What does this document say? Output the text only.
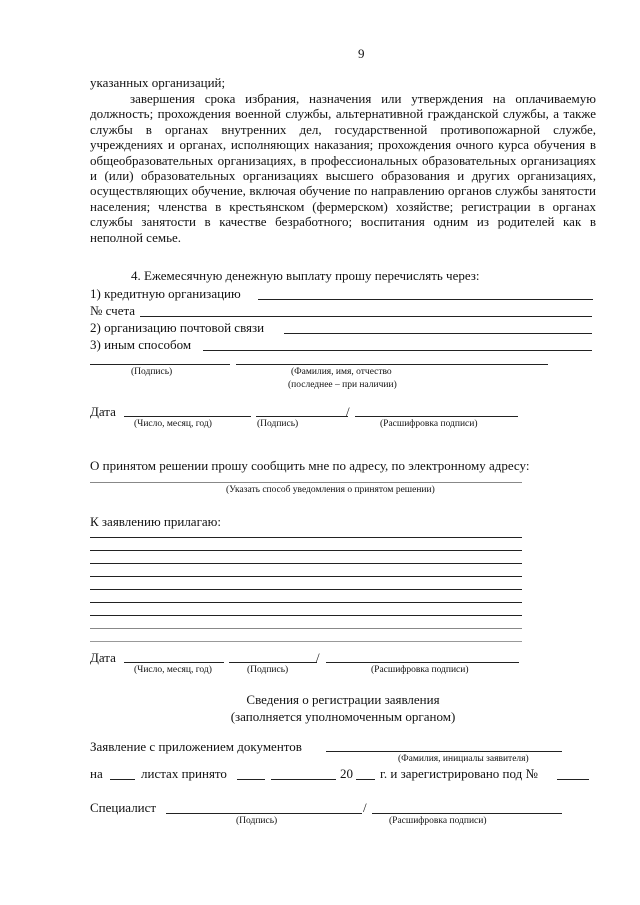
9
указанных организаций;
завершения срока избрания, назначения или утверждения на оплачиваемую должность; прохождения военной службы, альтернативной гражданской службы, а также службы в органах внутренних дел, государственной противопожарной службе, учреждениях и органах, исполняющих наказания; прохождения очного курса обучения в общеобразовательных организациях, в профессиональных образовательных организациях и (или) образовательных организациях высшего образования и других организациях, осуществляющих обучение, включая обучение по направлению органов службы занятости населения; членства в крестьянском (фермерском) хозяйстве; регистрации в органах службы занятости в качестве безработного; воспитания одним из родителей как в неполной семье.
4. Ежемесячную денежную выплату прошу перечислять через:
1) кредитную организацию
№ счета
2) организацию почтовой связи
3) иным способом
(Подпись)	(Фамилия, имя, отчество
(последнее – при наличии)
Дата	/
(Число, месяц, год)	(Подпись)	(Расшифровка подписи)
О принятом решении прошу сообщить мне по адресу, по электронному адресу:
(Указать способ уведомления о принятом решении)
К заявлению прилагаю:
Дата	/
(Число, месяц, год)	(Подпись)	(Расшифровка подписи)
Сведения о регистрации заявления
(заполняется уполномоченным органом)
Заявление с приложением документов
(Фамилия, инициалы заявителя)
на	листах принято	20 г. и зарегистрировано под №
Специалист	/
(Подпись)	(Расшифровка подписи)
